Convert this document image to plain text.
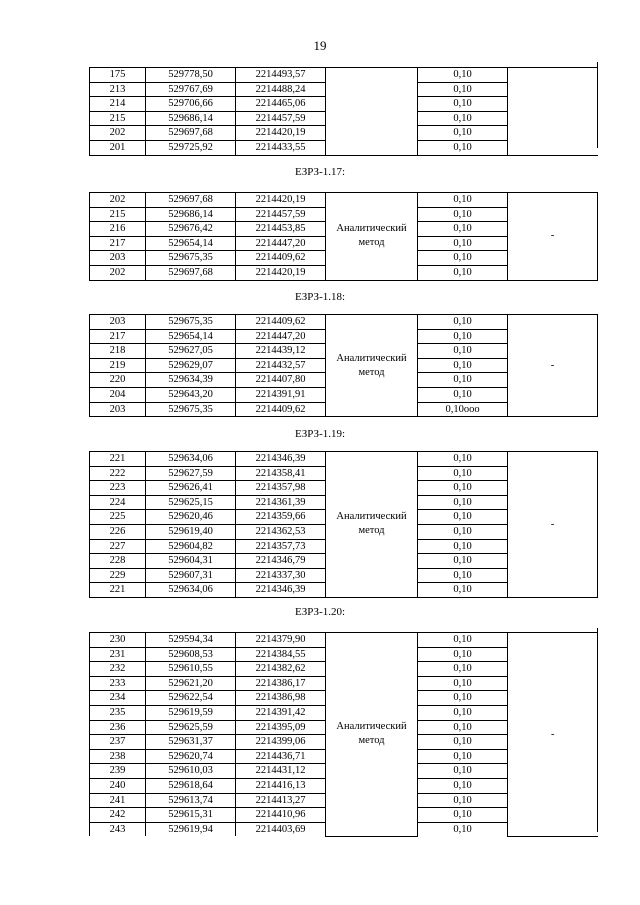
19
175	529778,50	2214493,57		0,10	
213	529767,69	2214488,24		0,10	
214	529706,66	2214465,06		0,10	
215	529686,14	2214457,59		0,10	
202	529697,68	2214420,19		0,10	
201	529725,92	2214433,55		0,10	
ЕЗРЗ-1.17:
202	529697,68	2214420,19	Аналитический метод	0,10	-
215	529686,14	2214457,59		0,10	
216	529676,42	2214453,85		0,10	
217	529654,14	2214447,20		0,10	
203	529675,35	2214409,62		0,10	
202	529697,68	2214420,19		0,10	
ЕЗРЗ-1.18:
203	529675,35	2214409,62	Аналитический метод	0,10	-
217	529654,14	2214447,20		0,10	
218	529627,05	2214439,12		0,10	
219	529629,07	2214432,57		0,10	
220	529634,39	2214407,80		0,10	
204	529643,20	2214391,91		0,10	
203	529675,35	2214409,62		0,10ooo	
ЕЗРЗ-1.19:
221	529634,06	2214346,39	Аналитический метод	0,10	-
222	529627,59	2214358,41		0,10	
223	529626,41	2214357,98		0,10	
224	529625,15	2214361,39		0,10	
225	529620,46	2214359,66		0,10	
226	529619,40	2214362,53		0,10	
227	529604,82	2214357,73		0,10	
228	529604,31	2214346,79		0,10	
229	529607,31	2214337,30		0,10	
221	529634,06	2214346,39		0,10	
ЕЗРЗ-1.20:
230	529594,34	2214379,90	Аналитический метод	0,10	-
231	529608,53	2214384,55		0,10	
232	529610,55	2214382,62		0,10	
233	529621,20	2214386,17		0,10	
234	529622,54	2214386,98		0,10	
235	529619,59	2214391,42		0,10	
236	529625,59	2214395,09		0,10	
237	529631,37	2214399,06		0,10	
238	529620,74	2214436,71		0,10	
239	529610,03	2214431,12		0,10	
240	529618,64	2214416,13		0,10	
241	529613,74	2214413,27		0,10	
242	529615,31	2214410,96		0,10	
243	529619,94	2214403,69		0,10	
